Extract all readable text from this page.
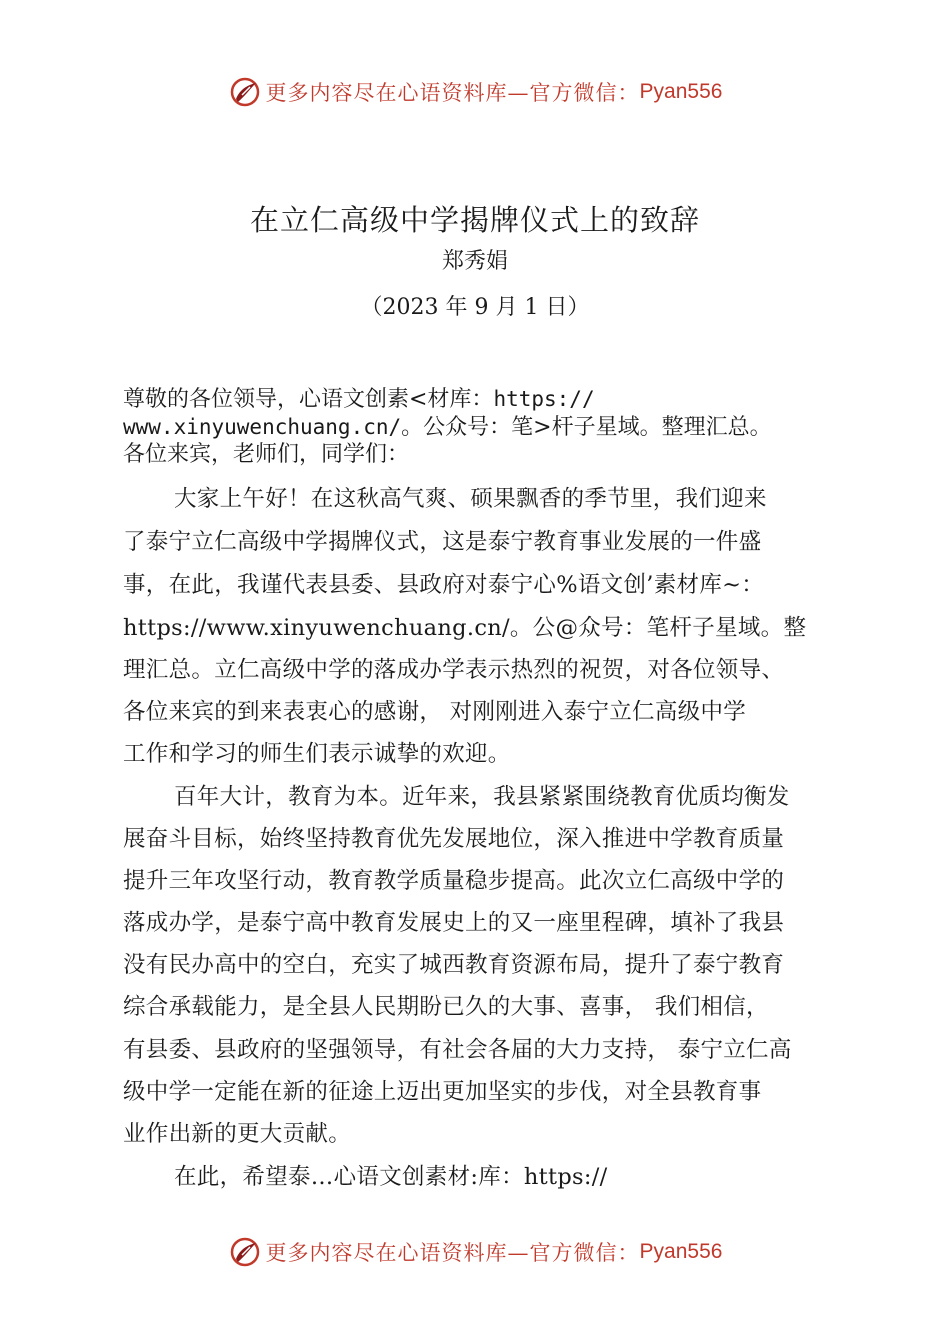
更多内容尽在心语资料库—官方微信： Pyan556
在立仁高级中学揭牌仪式上的致辞
郑秀娟
（2023 年 9 月 1 日）
尊敬的各位领导，心语文创素<材库：https://
www.xinyuwenchuang.cn/。公众号：笔>杆子星域。整理汇总。
各位来宾，老师们，同学们：
大家上午好！在这秋高气爽、硕果飘香的季节里，我们迎来
了泰宁立仁高级中学揭牌仪式，这是泰宁教育事业发展的一件盛
事，在此，我谨代表县委、县政府对泰宁心%语文创’素材库~：
https://www.xinyuwenchuang.cn/。公@众号：笔杆子星域。整
理汇总。立仁高级中学的落成办学表示热烈的祝贺，对各位领导、
各位来宾的到来表衷心的感谢， 对刚刚进入泰宁立仁高级中学
工作和学习的师生们表示诚挚的欢迎。
百年大计，教育为本。近年来，我县紧紧围绕教育优质均衡发
展奋斗目标，始终坚持教育优先发展地位，深入推进中学教育质量
提升三年攻坚行动，教育教学质量稳步提高。此次立仁高级中学的
落成办学，是泰宁高中教育发展史上的又一座里程碑，填补了我县
没有民办高中的空白，充实了城西教育资源布局，提升了泰宁教育
综合承载能力，是全县人民期盼已久的大事、喜事， 我们相信，
有县委、县政府的坚强领导，有社会各届的大力支持， 泰宁立仁高
级中学一定能在新的征途上迈出更加坚实的步伐，对全县教育事
业作出新的更大贡献。
在此，希望泰…心语文创素材:库：https://
更多内容尽在心语资料库—官方微信： Pyan556
